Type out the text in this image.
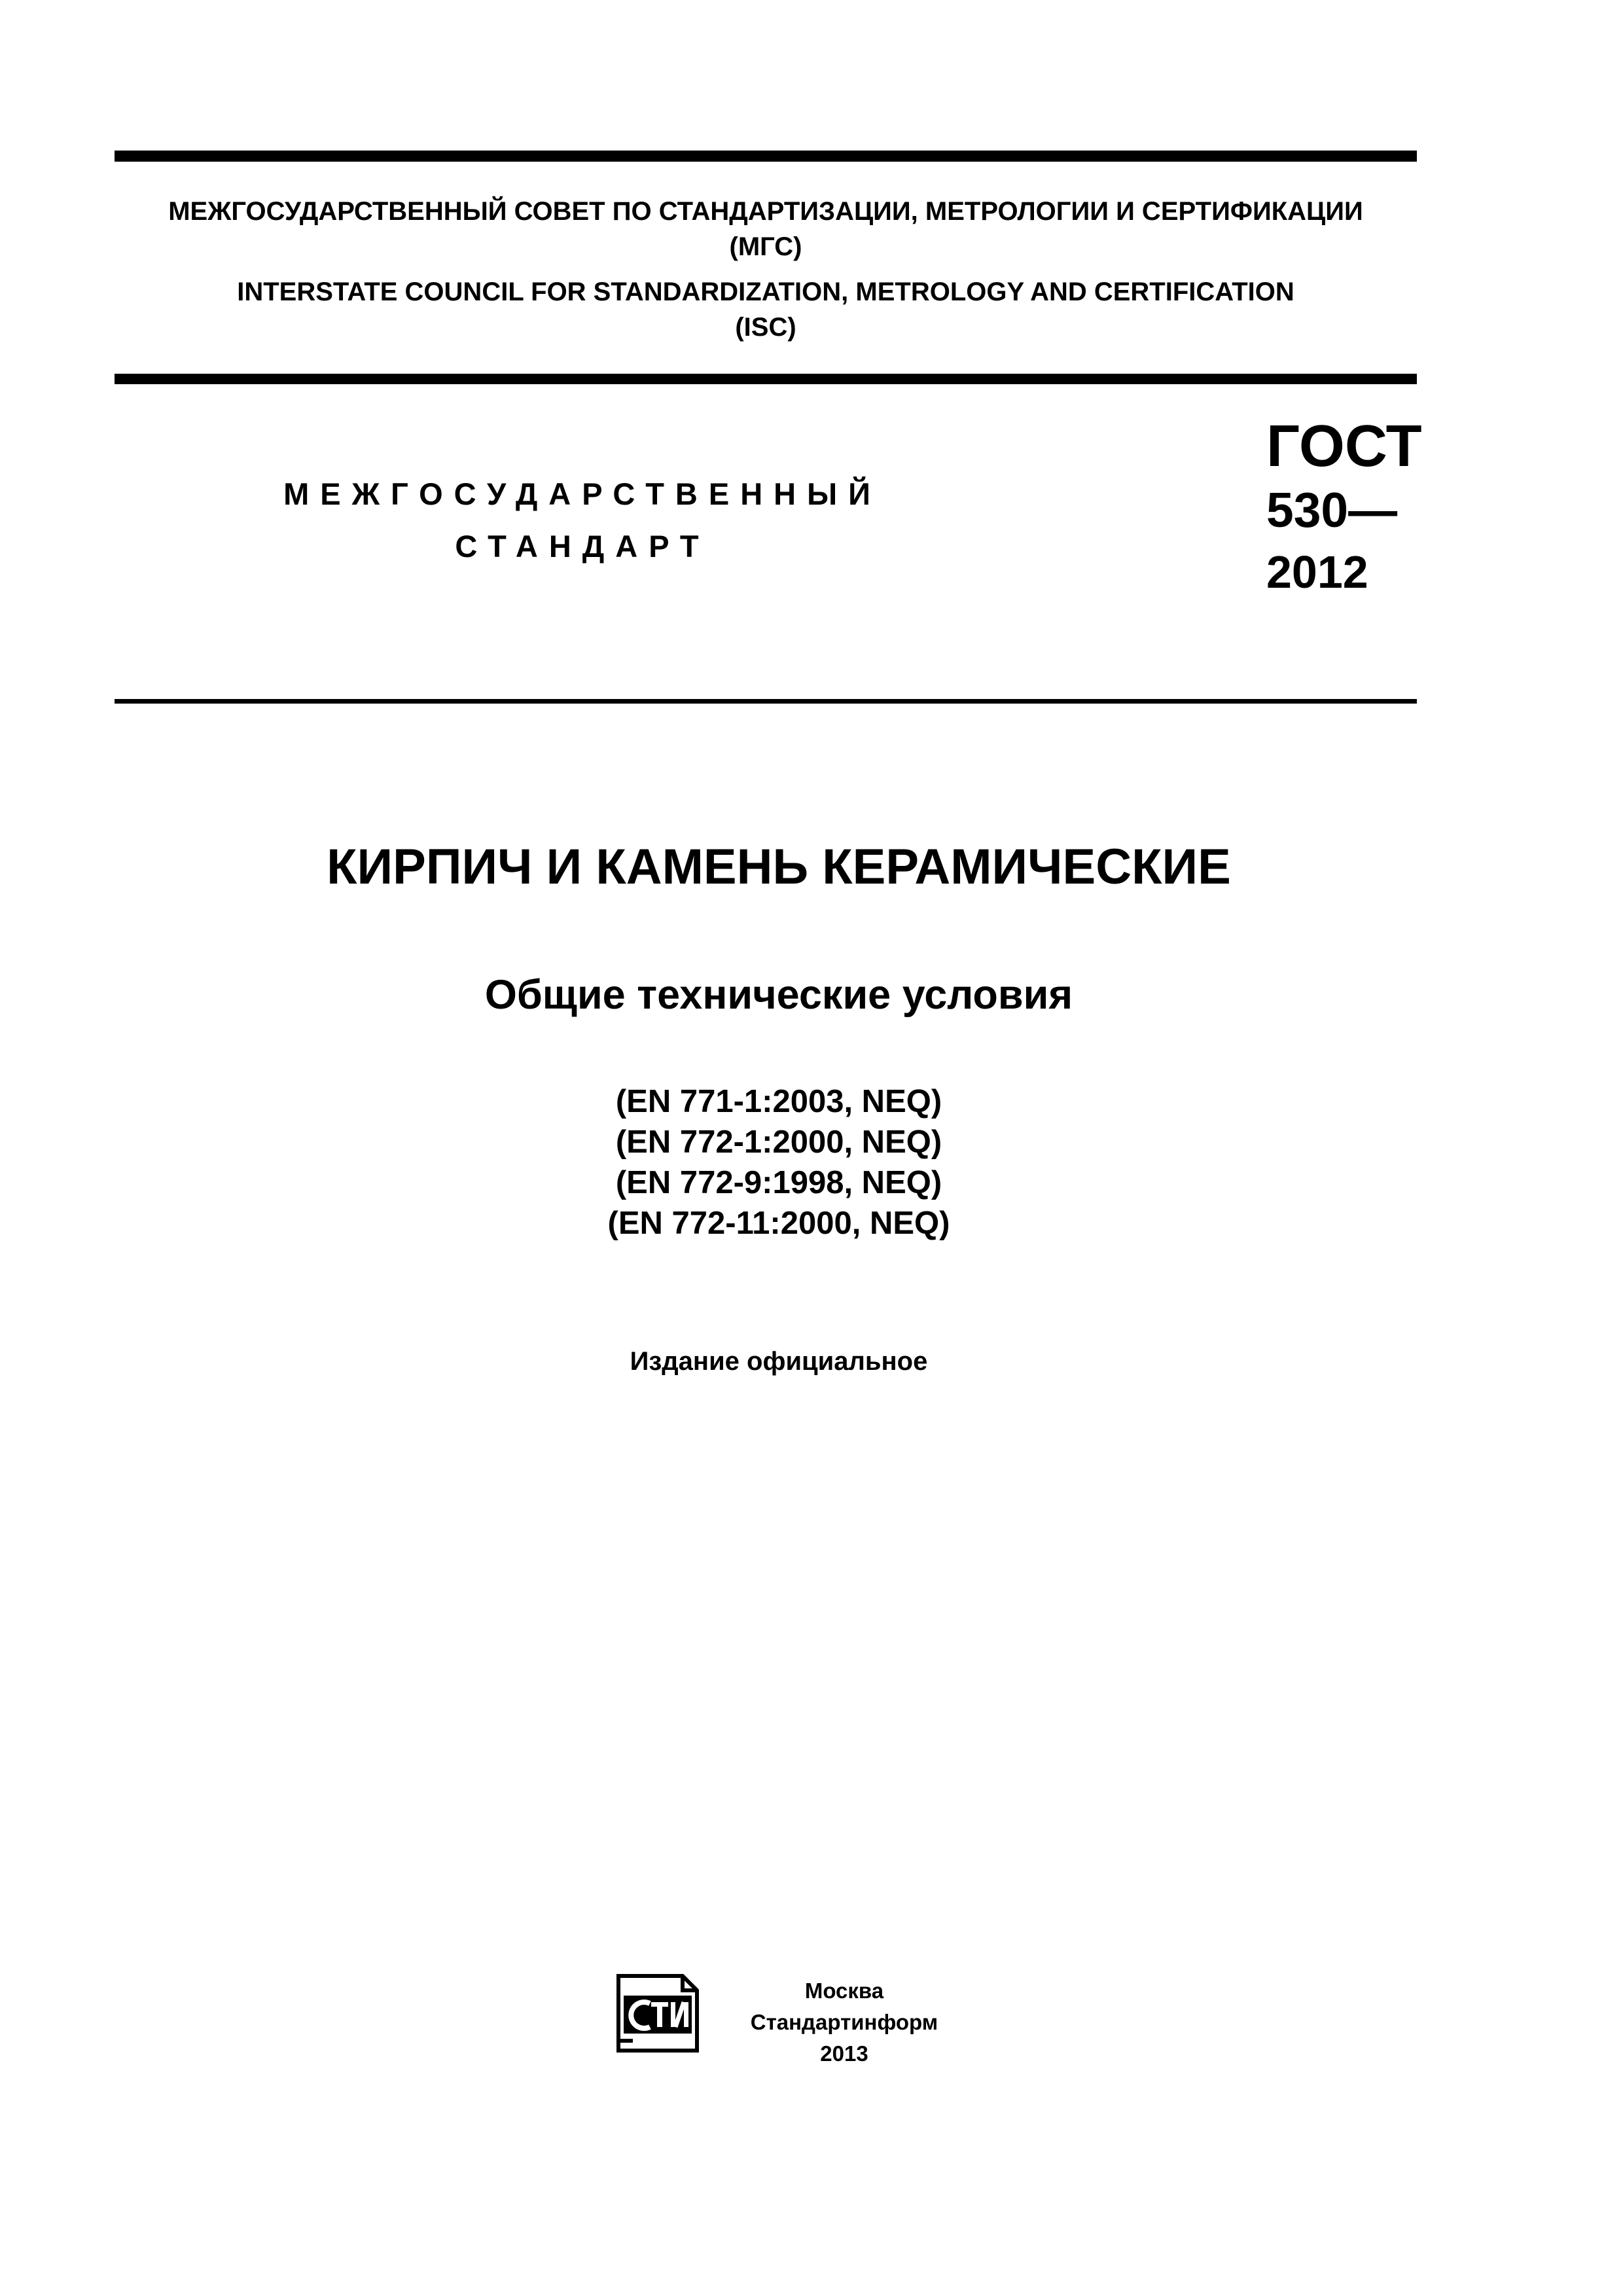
МЕЖГОСУДАРСТВЕННЫЙ СОВЕТ ПО СТАНДАРТИЗАЦИИ, МЕТРОЛОГИИ И СЕРТИФИКАЦИИ
(МГС)
INTERSTATE COUNCIL FOR STANDARDIZATION, METROLOGY AND CERTIFICATION
(ISC)
МЕЖГОСУДАРСТВЕННЫЙ
СТАНДАРТ
ГОСТ
530—
2012
КИРПИЧ И КАМЕНЬ КЕРАМИЧЕСКИЕ
Общие технические условия
(EN 771-1:2003, NEQ)
(EN 772-1:2000, NEQ)
(EN 772-9:1998, NEQ)
(EN 772-11:2000, NEQ)
Издание официальное
Москва
Стандартинформ
2013
